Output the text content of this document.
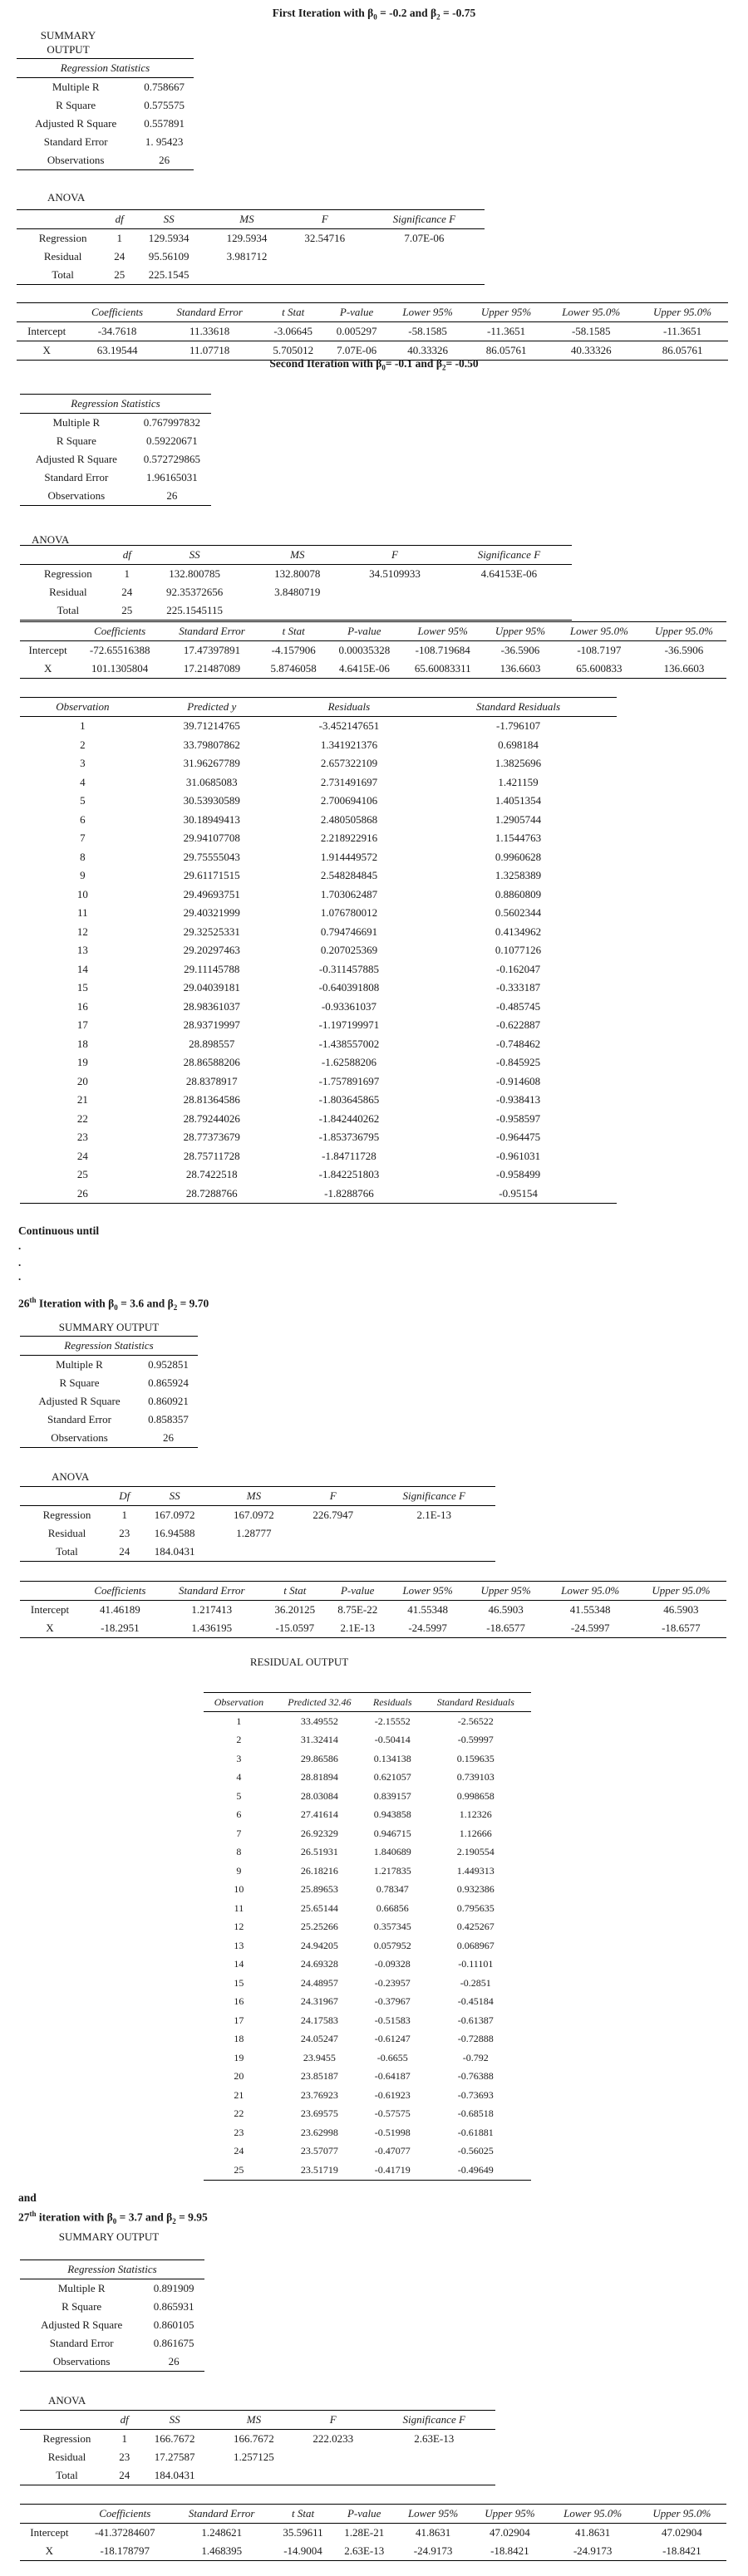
First Iteration with $\beta_0 = -0.2$ and $\beta_2 = -0.75$
SUMMARY
OUTPUT
Regression Statistics	
Multiple R	0.758667
R Square	0.575575
Adjusted R Square	0.557891
Standard Error	1. 95423
Observations	26
ANOVA
	df	SS	MS	F	Significance F
Regression	1	129.5934	129.5934	32.54716	7.07E-06
Residual	24	95.56109	3.981712		
Total	25	225.1545			
	Coefficients	Standard Error	t Stat	P-value	Lower 95%	Upper 95%	Lower 95.0%	Upper 95.0%
Intercept	-34.7618	11.33618	-3.06645	0.005297	-58.1585	-11.3651	-58.1585	-11.3651
X	63.19544	11.07718	5.705012	7.07E-06	40.33326	86.05761	40.33326	86.05761
Second Iteration with $\beta_0= -0.1$ and $\beta_2= -0.50$
Regression Statistics	
Multiple R	0.767997832
R Square	0.59220671
Adjusted R Square	0.572729865
Standard Error	1.96165031
Observations	26
ANOVA
	df	SS	MS	F	Significance F
Regression	1	132.800785	132.80078	34.5109933	4.64153E-06
Residual	24	92.35372656	3.8480719		
Total	25	225.1545115			
	Coefficients	Standard Error	t Stat	P-value	Lower 95%	Upper 95%	Lower 95.0%	Upper 95.0%
Intercept	-72.65516388	17.47397891	-4.157906	0.00035328	-108.719684	-36.5906	-108.7197	-36.5906
X	101.1305804	17.21487089	5.8746058	4.6415E-06	65.60083311	136.6603	65.600833	136.6603
Observation	Predicted y	Residuals	Standard Residuals
1	39.71214765	-3.452147651	-1.796107
2	33.79807862	1.341921376	0.698184
3	31.96267789	2.657322109	1.3825696
4	31.0685083	2.731491697	1.421159
5	30.53930589	2.700694106	1.4051354
6	30.18949413	2.480505868	1.2905744
7	29.94107708	2.218922916	1.1544763
8	29.75555043	1.914449572	0.9960628
9	29.61171515	2.548284845	1.3258389
10	29.49693751	1.703062487	0.8860809
11	29.40321999	1.076780012	0.5602344
12	29.32525331	0.794746691	0.4134962
13	29.20297463	0.207025369	0.1077126
14	29.11145788	-0.311457885	-0.162047
15	29.04039181	-0.640391808	-0.333187
16	28.98361037	-0.93361037	-0.485745
17	28.93719997	-1.197199971	-0.622887
18	28.898557	-1.438557002	-0.748462
19	28.86588206	-1.62588206	-0.845925
20	28.8378917	-1.757891697	-0.914608
21	28.81364586	-1.803645865	-0.938413
22	28.79244026	-1.842440262	-0.958597
23	28.77373679	-1.853736795	-0.964475
24	28.75711728	-1.84711728	-0.961031
25	28.7422518	-1.842251803	-0.958499
26	28.7288766	-1.8288766	-0.95154
Continuous until
.
.
.
26th Iteration with $\beta_0 = 3.6$ and $\beta_2 = 9.70$
SUMMARY OUTPUT
Regression Statistics	
Multiple R	0.952851
R Square	0.865924
Adjusted R Square	0.860921
Standard Error	0.858357
Observations	26
ANOVA
	Df	SS	MS	F	Significance F
Regression	1	167.0972	167.0972	226.7947	2.1E-13
Residual	23	16.94588	1.28777		
Total	24	184.0431			
	Coefficients	Standard Error	t Stat	P-value	Lower 95%	Upper 95%	Lower 95.0%	Upper 95.0%
Intercept	41.46189	1.217413	36.20125	8.75E-22	41.55348	46.5903	41.55348	46.5903
X	-18.2951	1.436195	-15.0597	2.1E-13	-24.5997	-18.6577	-24.5997	-18.6577
RESIDUAL OUTPUT
Observation	Predicted 32.46	Residuals	Standard Residuals
1	33.49552	-2.15552	-2.56522
2	31.32414	-0.50414	-0.59997
3	29.86586	0.134138	0.159635
4	28.81894	0.621057	0.739103
5	28.03084	0.839157	0.998658
6	27.41614	0.943858	1.12326
7	26.92329	0.946715	1.12666
8	26.51931	1.840689	2.190554
9	26.18216	1.217835	1.449313
10	25.89653	0.78347	0.932386
11	25.65144	0.66856	0.795635
12	25.25266	0.357345	0.425267
13	24.94205	0.057952	0.068967
14	24.69328	-0.09328	-0.11101
15	24.48957	-0.23957	-0.2851
16	24.31967	-0.37967	-0.45184
17	24.17583	-0.51583	-0.61387
18	24.05247	-0.61247	-0.72888
19	23.9455	-0.6655	-0.792
20	23.85187	-0.64187	-0.76388
21	23.76923	-0.61923	-0.73693
22	23.69575	-0.57575	-0.68518
23	23.62998	-0.51998	-0.61881
24	23.57077	-0.47077	-0.56025
25	23.51719	-0.41719	-0.49649
and
27th iteration with $\beta_0 = 3.7$ and $\beta_2 = 9.95$
SUMMARY OUTPUT
Regression Statistics	
Multiple R	0.891909
R Square	0.865931
Adjusted R Square	0.860105
Standard Error	0.861675
Observations	26
ANOVA
	df	SS	MS	F	Significance F
Regression	1	166.7672	166.7672	222.0233	2.63E-13
Residual	23	17.27587	1.257125		
Total	24	184.0431			
	Coefficients	Standard Error	t Stat	P-value	Lower 95%	Upper 95%	Lower 95.0%	Upper 95.0%
Intercept	-41.37284607	1.248621	35.59611	1.28E-21	41.8631	47.02904	41.8631	47.02904
X	-18.178797	1.468395	-14.9004	2.63E-13	-24.9173	-18.8421	-24.9173	-18.8421
